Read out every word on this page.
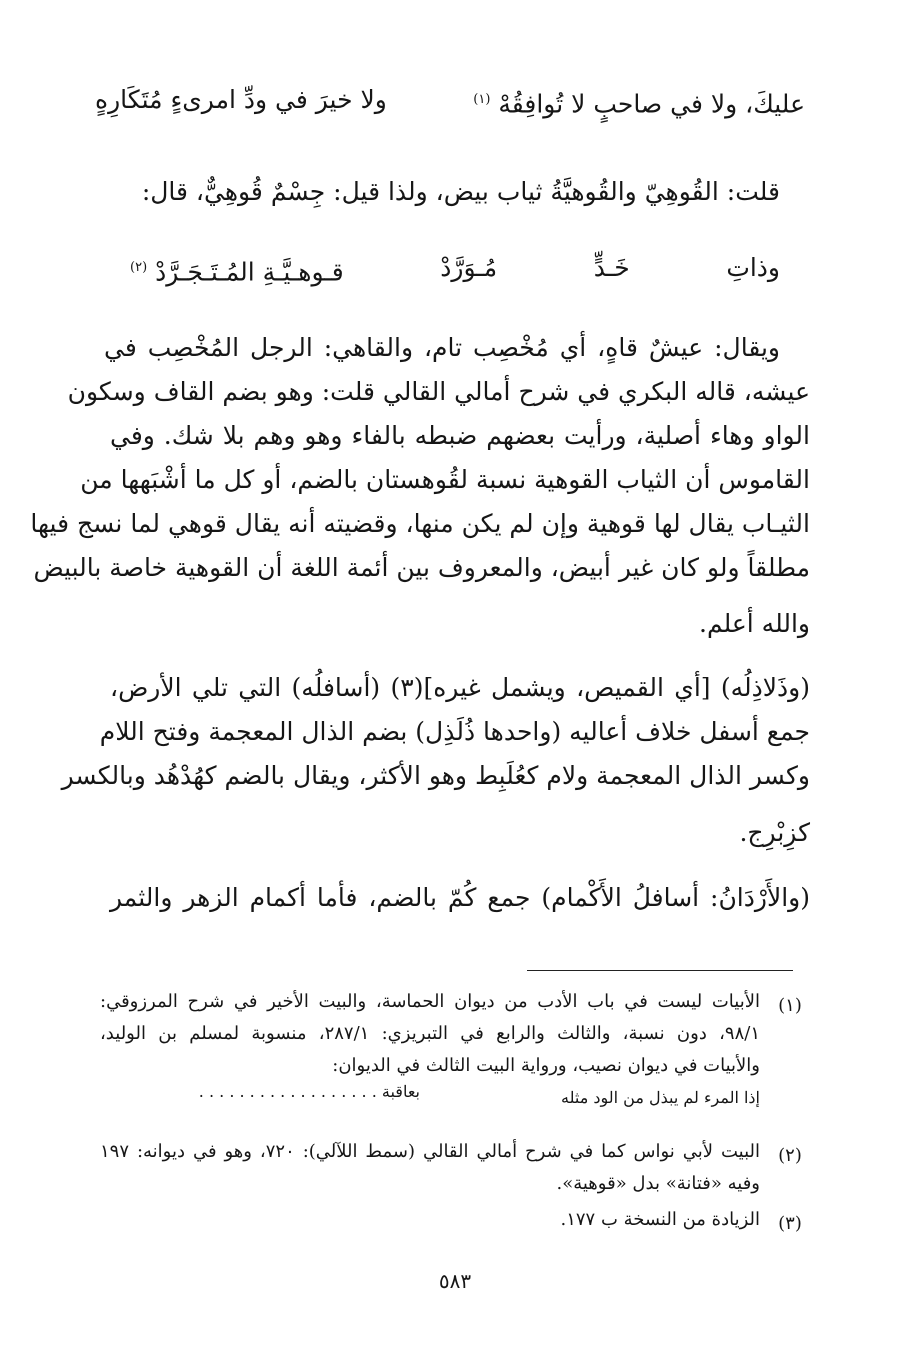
عليكَ، ولا في صاحبٍ لا تُوافِقُهْ $^{(١)}$
ولا خيرَ في ودِّ امرىءٍ مُتَكَارِهٍ
قلت: القُوهِيّ والقُوهيَّةُ ثياب بيض، ولذا قيل: جِسْمٌ قُوهِيٌّ، قال:
وذاتِ
خَـدٍّ
مُـوَرَّدْ
قـوهـيَّـةِ المُـتَـجَـرَّدْ $^{(٢)}$
ويقال: عيشٌ قاهٍ، أي مُخْصِب تام، والقاهي: الرجل المُخْصِب في
عيشه، قاله البكري في شرح أمالي القالي قلت: وهو بضم القاف وسكون
الواو وهاء أصلية، ورأيت بعضهم ضبطه بالفاء وهو وهم بلا شك. وفي
القاموس أن الثياب القوهية نسبة لقُوهستان بالضم، أو كل ما أشْبَهها من
الثيـاب يقال لها قوهية وإن لم يكن منها، وقضيته أنه يقال قوهي لما نسج فيها
مطلقاً ولو كان غير أبيض، والمعروف بين أئمة اللغة أن القوهية خاصة بالبيض
والله أعلم.
(وذَلاذِلُه) [أي القميص، ويشمل غيره](٣) (أسافلُه) التي تلي الأرض،
جمع أسفل خلاف أعاليه (واحدها ذُلَذِل) بضم الذال المعجمة وفتح اللام
وكسر الذال المعجمة ولام كعُلَبِط وهو الأكثر، ويقال بالضم كهُدْهُد وبالكسر
كزِبْرِج.
(والأَرْدَانُ: أسافلُ الأَكْمام) جمع كُمّ بالضم، فأما أكمام الزهر والثمر
(١)
الأبيات ليست في باب الأدب من ديوان الحماسة، والبيت الأخير في شرح المرزوقي:
٩٨/١، دون نسبة، والثالث والرابع في التبريزي: ٢٨٧/١، منسوبة لمسلم بن الوليد،
والأبيات في ديوان نصيب، ورواية البيت الثالث في الديوان:
إذا المرء لم يبذل من الود مثله
بعاقبة . . . . . . . . . . . . . . . . . .
(٢)
البيت لأبي نواس كما في شرح أمالي القالي (سمط اللآلي): ٧٢٠، وهو في ديوانه: ١٩٧
وفيه «فتانة» بدل «قوهية».
(٣)
الزيادة من النسخة ب ١٧٧.
٥٨٣
